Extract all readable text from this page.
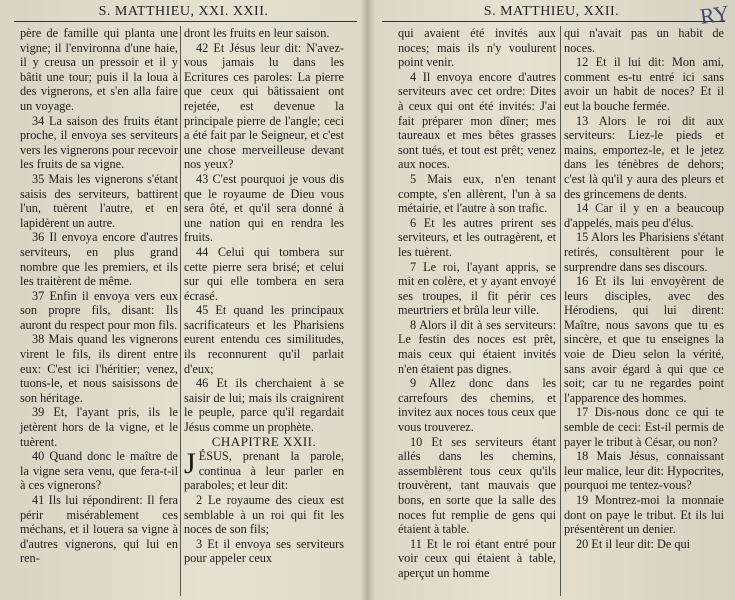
S. MATTHIEU, XXI. XXII.

père de famille qui planta une vigne; il l'environna d'une haie, il y creusa un pressoir et il y bâtit une tour; puis il la loua à des vignerons, et s'en alla faire un voyage.

34 La saison des fruits étant proche, il envoya ses serviteurs vers les vignerons pour recevoir les fruits de sa vigne.

35 Mais les vignerons s'étant saisis des serviteurs, battirent l'un, tuèrent l'autre, et en lapidèrent un autre.

36 Il envoya encore d'autres serviteurs, en plus grand nombre que les premiers, et ils les traitèrent de même.

37 Enfin il envoya vers eux son propre fils, disant: Ils auront du respect pour mon fils.

38 Mais quand les vignerons virent le fils, ils dirent entre eux: C'est ici l'héritier; venez, tuons-le, et nous saisissons de son héritage.

39 Et, l'ayant pris, ils le jetèrent hors de la vigne, et le tuèrent.

40 Quand donc le maître de la vigne sera venu, que fera-t-il à ces vignerons?

41 Ils lui répondirent: Il fera périr misérablement ces méchans, et il louera sa vigne à d'autres vignerons, qui lui en ren-

dront les fruits en leur saison.

42 Et Jésus leur dit: N'avez-vous jamais lu dans les Ecritures ces paroles: La pierre que ceux qui bâtissaient ont rejetée, est devenue la principale pierre de l'angle; ceci a été fait par le Seigneur, et c'est une chose merveilleuse devant nos yeux?

43 C'est pourquoi je vous dis que le royaume de Dieu vous sera ôté, et qu'il sera donné à une nation qui en rendra les fruits.

44 Celui qui tombera sur cette pierre sera brisé; et celui sur qui elle tombera en sera écrasé.

45 Et quand les principaux sacrificateurs et les Pharisiens eurent entendu ces similitudes, ils reconnurent qu'il parlait d'eux;

46 Et ils cherchaient à se saisir de lui; mais ils craignirent le peuple, parce qu'il regardait Jésus comme un prophète.

CHAPITRE XXII.

JÉSUS, prenant la parole, continua à leur parler en paraboles; et leur dit:

2 Le royaume des cieux est semblable à un roi qui fit les noces de son fils;

3 Et il envoya ses serviteurs pour appeler ceux

S. MATTHIEU, XXII.	RY

qui avaient été invités aux noces; mais ils n'y voulurent point venir.

4 Il envoya encore d'autres serviteurs avec cet ordre: Dites à ceux qui ont été invités: J'ai fait préparer mon dîner; mes taureaux et mes bêtes grasses sont tués, et tout est prêt; venez aux noces.

5 Mais eux, n'en tenant compte, s'en allèrent, l'un à sa métairie, et l'autre à son trafic.

6 Et les autres prirent ses serviteurs, et les outragèrent, et les tuèrent.

7 Le roi, l'ayant appris, se mit en colère, et y ayant envoyé ses troupes, il fit périr ces meurtriers et brûla leur ville.

8 Alors il dit à ses serviteurs: Le festin des noces est prêt, mais ceux qui étaient invités n'en étaient pas dignes.

9 Allez donc dans les carrefours des chemins, et invitez aux noces tous ceux que vous trouverez.

10 Et ses serviteurs étant allés dans les chemins, assemblèrent tous ceux qu'ils trouvèrent, tant mauvais que bons, en sorte que la salle des noces fut remplie de gens qui étaient à table.

11 Et le roi étant entré pour voir ceux qui étaient à table, aperçut un homme

qui n'avait pas un habit de noces.

12 Et il lui dit: Mon ami, comment es-tu entré ici sans avoir un habit de noces? Et il eut la bouche fermée.

13 Alors le roi dit aux serviteurs: Liez-le pieds et mains, emportez-le, et le jetez dans les ténèbres de dehors; c'est là qu'il y aura des pleurs et des grincemens de dents.

14 Car il y en a beaucoup d'appelés, mais peu d'élus.

15 Alors les Pharisiens s'étant retirés, consultèrent pour le surprendre dans ses discours.

16 Et ils lui envoyèrent de leurs disciples, avec des Hérodiens, qui lui dirent: Maître, nous savons que tu es sincère, et que tu enseignes la voie de Dieu selon la vérité, sans avoir égard à qui que ce soit; car tu ne regardes point l'apparence des hommes.

17 Dis-nous donc ce qui te semble de ceci: Est-il permis de payer le tribut à César, ou non?

18 Mais Jésus, connaissant leur malice, leur dit: Hypocrites, pourquoi me tentez-vous?

19 Montrez-moi la monnaie dont on paye le tribut. Et ils lui présentèrent un denier.

20 Et il leur dit: De qui
